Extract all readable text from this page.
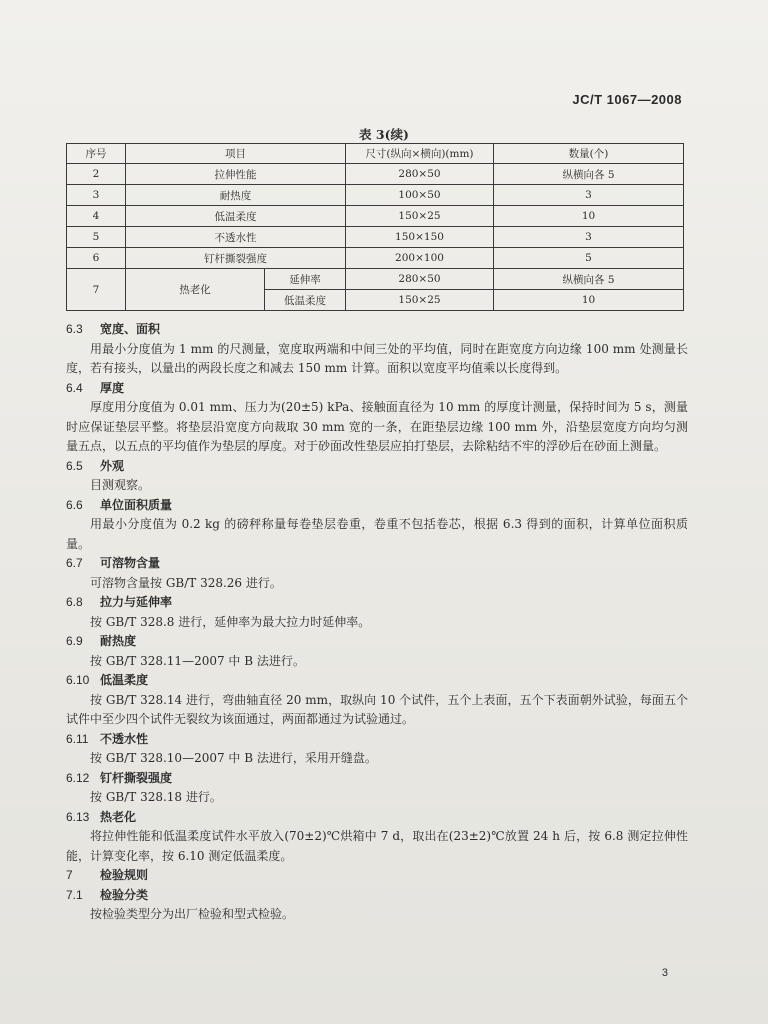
JC/T 1067—2008
表 3(续)
序号	项目		尺寸(纵向×横向)(mm)	数量(个)
2	拉伸性能		280×50	纵横向各 5
3	耐热度		100×50	3
4	低温柔度		150×25	10
5	不透水性		150×150	3
6	钉杆撕裂强度		200×100	5
7	热老化	延伸率	280×50	纵横向各 5
		低温柔度	150×25	10
6.3 宽度、面积

用最小分度值为 1 mm 的尺测量，宽度取两端和中间三处的平均值，同时在距宽度方向边缘 100 mm 处测量长度，若有接头，以量出的两段长度之和减去 150 mm 计算。面积以宽度平均值乘以长度得到。

6.4 厚度

厚度用分度值为 0.01 mm、压力为(20±5) kPa、接触面直径为 10 mm 的厚度计测量，保持时间为 5 s，测量时应保证垫层平整。将垫层沿宽度方向裁取 30 mm 宽的一条，在距垫层边缘 100 mm 外，沿垫层宽度方向均匀测量五点，以五点的平均值作为垫层的厚度。对于砂面改性垫层应拍打垫层，去除粘结不牢的浮砂后在砂面上测量。

6.5 外观

目测观察。

6.6 单位面积质量

用最小分度值为 0.2 kg 的磅秤称量每卷垫层卷重，卷重不包括卷芯，根据 6.3 得到的面积，计算单位面积质量。

6.7 可溶物含量

可溶物含量按 GB/T 328.26 进行。

6.8 拉力与延伸率

按 GB/T 328.8 进行，延伸率为最大拉力时延伸率。

6.9 耐热度

按 GB/T 328.11—2007 中 B 法进行。

6.10 低温柔度

按 GB/T 328.14 进行，弯曲轴直径 20 mm，取纵向 10 个试件，五个上表面，五个下表面朝外试验，每面五个试件中至少四个试件无裂纹为该面通过，两面都通过为试验通过。

6.11 不透水性

按 GB/T 328.10—2007 中 B 法进行，采用开缝盘。

6.12 钉杆撕裂强度

按 GB/T 328.18 进行。

6.13 热老化

将拉伸性能和低温柔度试件水平放入(70±2)℃烘箱中 7 d，取出在(23±2)℃放置 24 h 后，按 6.8 测定拉伸性能，计算变化率，按 6.10 测定低温柔度。

7 检验规则

7.1 检验分类

按检验类型分为出厂检验和型式检验。

3
